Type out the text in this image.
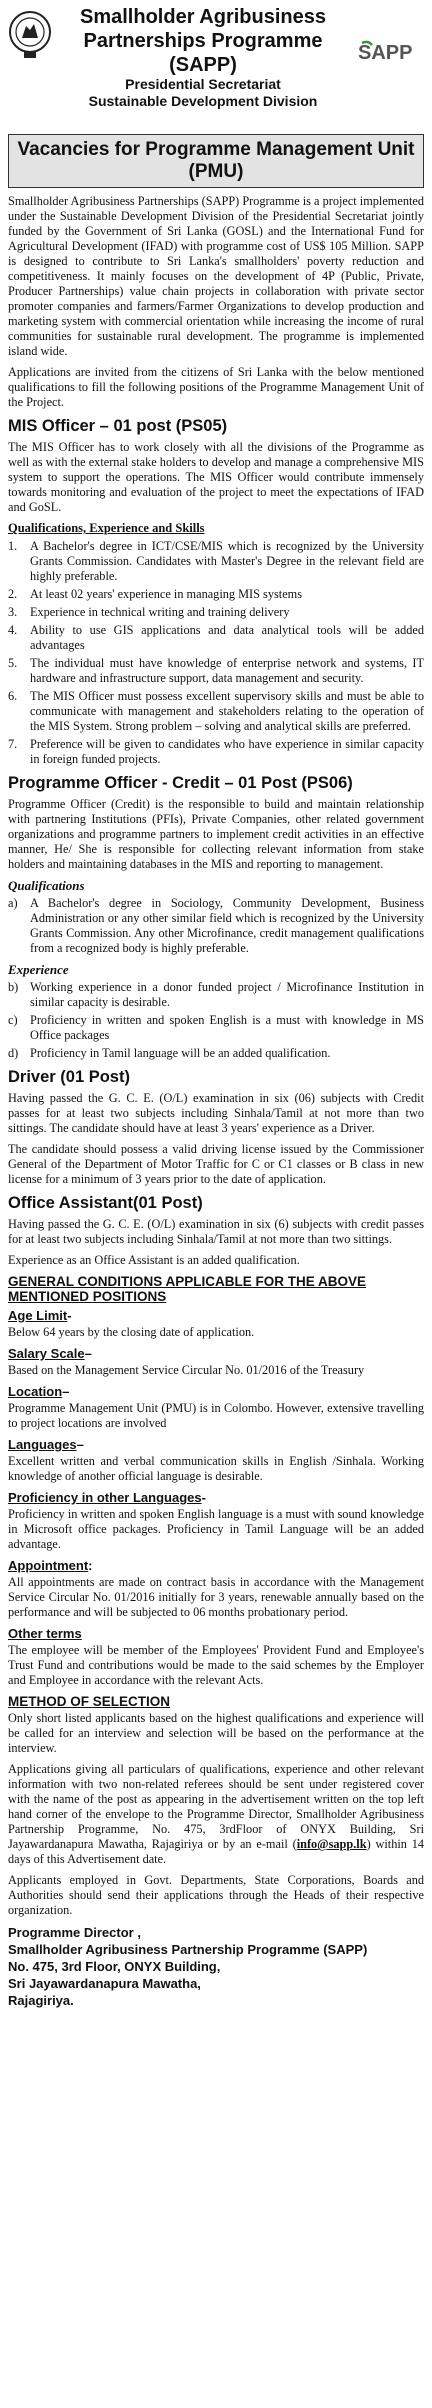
Smallholder Agribusiness
Partnerships Programme
(SAPP)
Presidential Secretariat
Sustainable Development Division
SAPP
Vacancies for Programme Management Unit
(PMU)

Smallholder Agribusiness Partnerships (SAPP) Programme is a project implemented under the Sustainable Development Division of the Presidential Secretariat jointly funded by the Government of Sri Lanka (GOSL) and the International Fund for Agricultural Development (IFAD) with programme cost of US$ 105 Million. SAPP is designed to contribute to Sri Lanka's smallholders' poverty reduction and competitiveness. It mainly focuses on the development of 4P (Public, Private, Producer Partnerships) value chain projects in collaboration with private sector promoter companies and farmers/Farmer Organizations to develop production and marketing system with commercial orientation while increasing the income of rural communities for sustainable rural development. The programme is implemented island wide.

Applications are invited from the citizens of Sri Lanka with the below mentioned qualifications to fill the following positions of the Programme Management Unit of the Project.

MIS Officer – 01 post (PS05)

The MIS Officer has to work closely with all the divisions of the Programme as well as with the external stake holders to develop and manage a comprehensive MIS system to support the operations. The MIS Officer would contribute immensely towards monitoring and evaluation of the project to meet the expectations of IFAD and GoSL.

Qualifications, Experience and Skills
1.	A Bachelor's degree in ICT/CSE/MIS which is recognized by the University Grants Commission. Candidates with Master's Degree in the relevant field are highly preferable.
2.	At least 02 years' experience in managing MIS systems
3.	Experience in technical writing and training delivery
4.	Ability to use GIS applications and data analytical tools will be added advantages
5.	The individual must have knowledge of enterprise network and systems, IT hardware and infrastructure support, data management and security.
6.	The MIS Officer must possess excellent supervisory skills and must be able to communicate with management and stakeholders relating to the operation of the MIS System. Strong problem – solving and analytical skills are preferred.
7.	Preference will be given to candidates who have experience in similar capacity in foreign funded projects.
Programme Officer - Credit – 01 Post (PS06)

Programme Officer (Credit) is the responsible to build and maintain relationship with partnering Institutions (PFIs), Private Companies, other related government organizations and programme partners to implement credit activities in an effective manner, He/ She is responsible for collecting relevant information from stake holders and maintaining databases in the MIS and reporting to management.

Qualifications
a)	A Bachelor's degree in Sociology, Community Development, Business Administration or any other similar field which is recognized by the University Grants Commission. Any other Microfinance, credit management qualifications from a recognized body is highly preferable.
Experience
b) Working experience in a donor funded project / Microfinance Institution in similar capacity is desirable.
c)	Proficiency in written and spoken English is a must with knowledge in MS Office packages
d) Proficiency in Tamil language will be an added qualification.
Driver (01 Post)

Having passed the G. C. E. (O/L) examination in six (06) subjects with Credit passes for at least two subjects including Sinhala/Tamil at not more than two sittings. The candidate should have at least 3 years' experience as a Driver.

The candidate should possess a valid driving license issued by the Commissioner General of the Department of Motor Traffic for C or C1 classes or B class in new license for a minimum of 3 years prior to the date of application.

Office Assistant(01 Post)

Having passed the G. C. E. (O/L) examination in six (6) subjects with credit passes for at least two subjects including Sinhala/Tamil at not more than two sittings.

Experience as an Office Assistant is an added qualification.

GENERAL CONDITIONS APPLICABLE FOR THE ABOVE MENTIONED POSITIONS
Age Limit-

Below 64 years by the closing date of application.

Salary Scale–

Based on the Management Service Circular No. 01/2016 of the Treasury

Location–

Programme Management Unit (PMU) is in Colombo. However, extensive travelling to project locations are involved

Languages–

Excellent written and verbal communication skills in English /Sinhala. Working knowledge of another official language is desirable.

Proficiency in other Languages-

Proficiency in written and spoken English language is a must with sound knowledge in Microsoft office packages. Proficiency in Tamil Language will be an added advantage.

Appointment:

All appointments are made on contract basis in accordance with the Management Service Circular No. 01/2016 initially for 3 years, renewable annually based on the performance and will be subjected to 06 months probationary period.

Other terms

The employee will be member of the Employees' Provident Fund and Employee's Trust Fund and contributions would be made to the said schemes by the Employer and Employee in accordance with the relevant Acts.

METHOD OF SELECTION

Only short listed applicants based on the highest qualifications and experience will be called for an interview and selection will be based on the performance at the interview.

Applications giving all particulars of qualifications, experience and other relevant information with two non-related referees should be sent under registered cover with the name of the post as appearing in the advertisement written on the top left hand corner of the envelope to the Programme Director, Smallholder Agribusiness Partnership Programme, No. 475, 3rdFloor of ONYX Building, Sri Jayawardanapura Mawatha, Rajagiriya or by an e-mail (info@sapp.lk) within 14 days of this Advertisement date.

Applicants employed in Govt. Departments, State Corporations, Boards and Authorities should send their applications through the Heads of their respective organization.

Programme Director ,
Smallholder Agribusiness Partnership Programme (SAPP)
No. 475, 3rd Floor, ONYX Building,
Sri Jayawardanapura Mawatha,
Rajagiriya.
